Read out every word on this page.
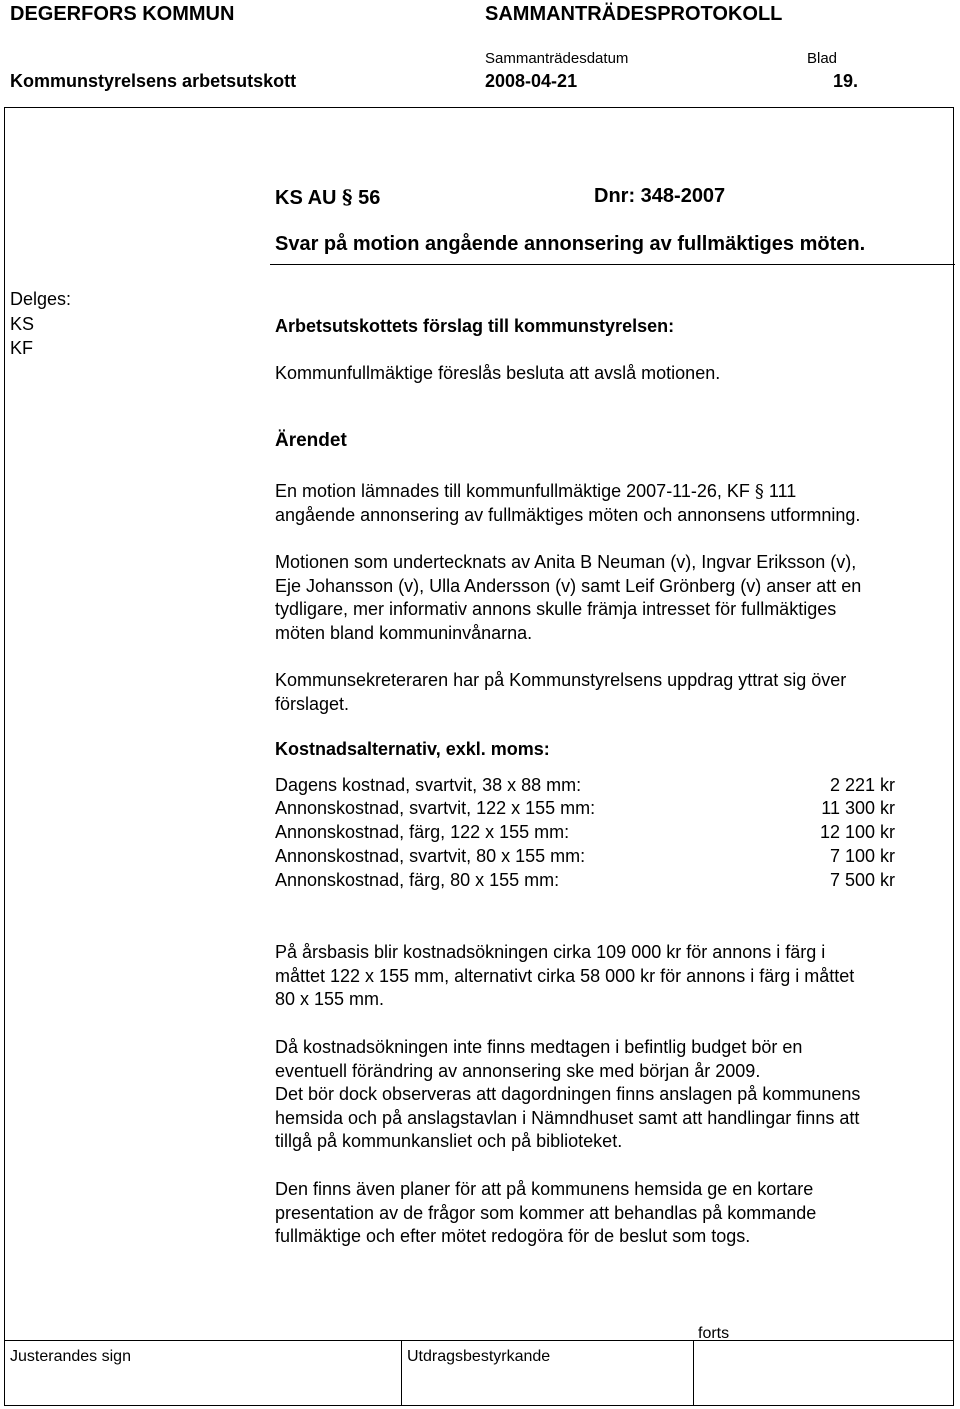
DEGERFORS KOMMUN	SAMMANTRÄDESPROTOKOLL
Sammanträdesdatum	Blad
Kommunstyrelsens arbetsutskott	2008-04-21	19.
KS AU § 56	Dnr: 348-2007
Svar på motion angående annonsering av fullmäktiges möten.
Delges:
KS
KF
Arbetsutskottets förslag till kommunstyrelsen:
Kommunfullmäktige föreslås besluta att avslå motionen.
Ärendet
En motion lämnades till kommunfullmäktige 2007-11-26, KF § 111
angående annonsering av fullmäktiges möten och annonsens utformning.
Motionen som undertecknats av Anita B Neuman (v), Ingvar Eriksson (v),
Eje Johansson (v), Ulla Andersson (v) samt Leif Grönberg (v) anser att en
tydligare, mer informativ annons skulle främja intresset för fullmäktiges
möten bland kommuninvånarna.
Kommunsekreteraren har på Kommunstyrelsens uppdrag yttrat sig över
förslaget.
Kostnadsalternativ, exkl. moms:
Dagens kostnad, svartvit, 38 x 88 mm:	2 221 kr
Annonskostnad, svartvit, 122 x 155 mm:	11 300 kr
Annonskostnad, färg, 122 x 155 mm:	12 100 kr
Annonskostnad, svartvit, 80 x 155 mm:	7 100 kr
Annonskostnad, färg, 80 x 155 mm:	7 500 kr
På årsbasis blir kostnadsökningen cirka 109 000 kr för annons i färg i
måttet 122 x 155 mm, alternativt cirka 58 000 kr för annons i färg i måttet
80 x 155 mm.
Då kostnadsökningen inte finns medtagen i befintlig budget bör en
eventuell förändring av annonsering ske med början år 2009.
Det bör dock observeras att dagordningen finns anslagen på kommunens
hemsida och på anslagstavlan i Nämndhuset samt att handlingar finns att
tillgå på kommunkansliet och på biblioteket.
Den finns även planer för att på kommunens hemsida ge en kortare
presentation av de frågor som kommer att behandlas på kommande
fullmäktige och efter mötet redogöra för de beslut som togs.
forts
Justerandes sign	Utdragsbestyrkande
